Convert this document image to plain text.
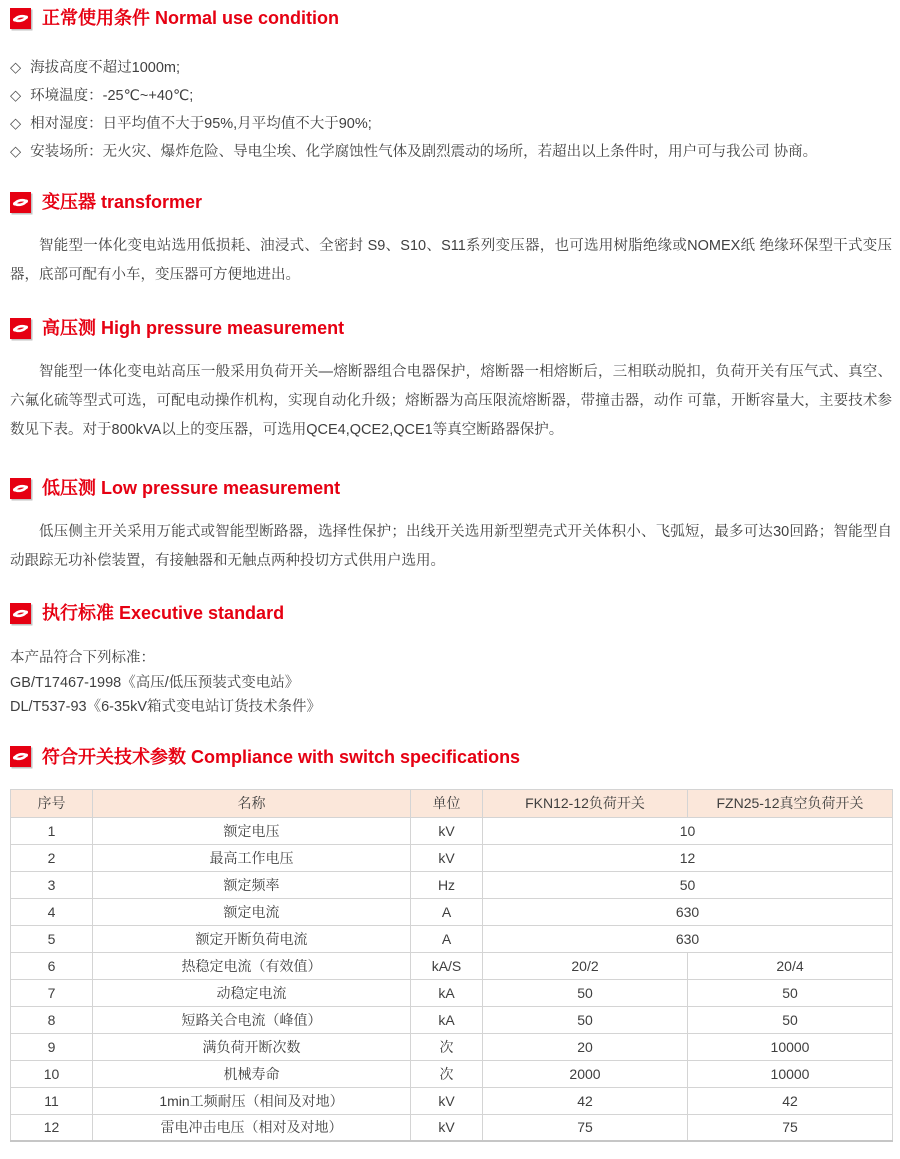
正常使用条件 Normal use condition
◇ 海拔高度不超过1000m;
◇ 环境温度：-25℃~+40℃;
◇ 相对湿度：日平均值不大于95%,月平均值不大于90%;
◇ 安装场所：无火灾、爆炸危险、导电尘埃、化学腐蚀性气体及剧烈震动的场所，若超出以上条件时，用户可与我公司 协商。
变压器 transformer

智能型一体化变电站选用低损耗、油浸式、全密封 S9、S10、S11系列变压器，也可选用树脂绝缘或NOMEX纸 绝缘环保型干式变压器，底部可配有小车，变压器可方便地进出。

高压测 High pressure measurement

智能型一体化变电站高压一般采用负荷开关—熔断器组合电器保护，熔断器一相熔断后，三相联动脱扣，负荷开关有压气式、真空、六氟化硫等型式可选，可配电动操作机构，实现自动化升级；熔断器为高压限流熔断器，带撞击器，动作 可靠，开断容量大，主要技术参数见下表。对于800kVA以上的变压器，可选用QCE4,QCE2,QCE1等真空断路器保护。

低压测 Low pressure measurement

低压侧主开关采用万能式或智能型断路器，选择性保护；出线开关选用新型塑壳式开关体积小、飞弧短，最多可达30回路；智能型自动跟踪无功补偿装置，有接触器和无触点两种投切方式供用户选用。

执行标准 Executive standard
本产品符合下列标准：
GB/T17467-1998《高压/低压预装式变电站》
DL/T537-93《6-35kV箱式变电站订货技术条件》
符合开关技术参数 Compliance with switch specifications
序号	名称	单位	FKN12-12负荷开关	FZN25-12真空负荷开关
1	额定电压	kV	10	
2	最高工作电压	kV	12	
3	额定频率	Hz	50	
4	额定电流	A	630	
5	额定开断负荷电流	A	630	
6	热稳定电流（有效值）	kA/S	20/2	20/4
7	动稳定电流	kA	50	50
8	短路关合电流（峰值）	kA	50	50
9	满负荷开断次数	次	20	10000
10	机械寿命	次	2000	10000
11	1min工频耐压（相间及对地）	kV	42	42
12	雷电冲击电压（相对及对地）	kV	75	75
